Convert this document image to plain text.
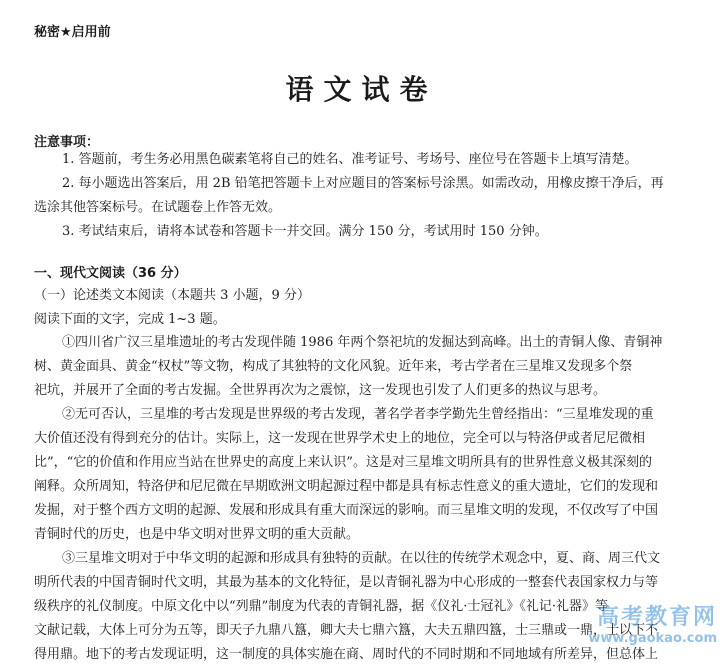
秘密★启用前
语文试卷
注意事项：
1. 答题前，考生务必用黑色碳素笔将自己的姓名、准考证号、考场号、座位号在答题卡上填写清楚。
2. 每小题选出答案后，用 2B 铅笔把答题卡上对应题目的答案标号涂黑。如需改动，用橡皮擦干净后，再
选涂其他答案标号。在试题卷上作答无效。
3. 考试结束后，请将本试卷和答题卡一并交回。满分 150 分，考试用时 150 分钟。
一、现代文阅读（36 分）
（一）论述类文本阅读（本题共 3 小题，9 分）
阅读下面的文字，完成 1~3 题。
①四川省广汉三星堆遗址的考古发现伴随 1986 年两个祭祀坑的发掘达到高峰。出土的青铜人像、青铜神
树、黄金面具、黄金“权杖”等文物，构成了其独特的文化风貌。近年来，考古学者在三星堆又发现多个祭
祀坑，并展开了全面的考古发掘。全世界再次为之震惊，这一发现也引发了人们更多的热议与思考。
②无可否认，三星堆的考古发现是世界级的考古发现，著名学者李学勤先生曾经指出：“三星堆发现的重
大价值还没有得到充分的估计。实际上，这一发现在世界学术史上的地位，完全可以与特洛伊或者尼尼微相
比”，“它的价值和作用应当站在世界史的高度上来认识”。这是对三星堆文明所具有的世界性意义极其深刻的
阐释。众所周知，特洛伊和尼尼微在早期欧洲文明起源过程中都是具有标志性意义的重大遗址，它们的发现和
发掘，对于整个西方文明的起源、发展和形成具有重大而深远的影响。而三星堆文明的发现，不仅改写了中国
青铜时代的历史，也是中华文明对世界文明的重大贡献。
③三星堆文明对于中华文明的起源和形成具有独特的贡献。在以往的传统学术观念中，夏、商、周三代文
明所代表的中国青铜时代文明，其最为基本的文化特征，是以青铜礼器为中心形成的一整套代表国家权力与等
级秩序的礼仪制度。中原文化中以“列鼎”制度为代表的青铜礼器，据《仪礼·士冠礼》《礼记·礼器》等
文献记载，大体上可分为五等，即天子九鼎八簋，卿大夫七鼎六簋，大夫五鼎四簋，士三鼎或一鼎，士以下不
得用鼎。地下的考古发现证明，这一制度的具体实施在商、周时代的不同时期和不同地域有所差异，但总体上
高考教育网
www.gaokao.com
